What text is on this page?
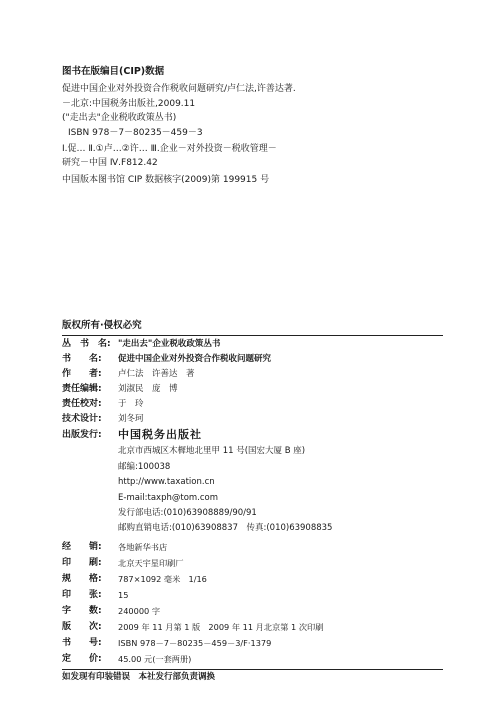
图书在版编目(CIP)数据
促进中国企业对外投资合作税收问题研究/卢仁法,许善达著.
－北京:中国税务出版社,2009.11
("走出去"企业税收政策丛书)
ISBN 978－7－80235－459－3
Ⅰ.促… Ⅱ.①卢…②许… Ⅲ.企业－对外投资－税收管理－
研究－中国 Ⅳ.F812.42
中国版本图书馆 CIP 数据核字(2009)第 199915 号
版权所有·侵权必究
丛　书　名: "走出去"企业税收政策丛书
书　　名: 促进中国企业对外投资合作税收问题研究
作　　者: 卢仁法　许善达　著
责任编辑: 刘淑民　庞　博
责任校对: 于　玲
技术设计: 刘冬珂
出版发行: 中国税务出版社
北京市西城区木樨地北里甲 11 号(国宏大厦 B 座)
邮编:100038
http://www.taxation.cn
E-mail:taxph@tom.com
发行部电话:(010)63908889/90/91
邮购直销电话:(010)63908837　传真:(010)63908835
经　　销: 各地新华书店
印　　刷: 北京天宇星印刷厂
规　　格: 787×1092 毫米　1/16
印　　张: 15
字　　数: 240000 字
版　　次: 2009 年 11 月第 1 版　2009 年 11 月北京第 1 次印刷
书　　号: ISBN 978－7－80235－459－3/F·1379
定　　价: 45.00 元(一套两册)
如发现有印装错误　本社发行部负责调换
